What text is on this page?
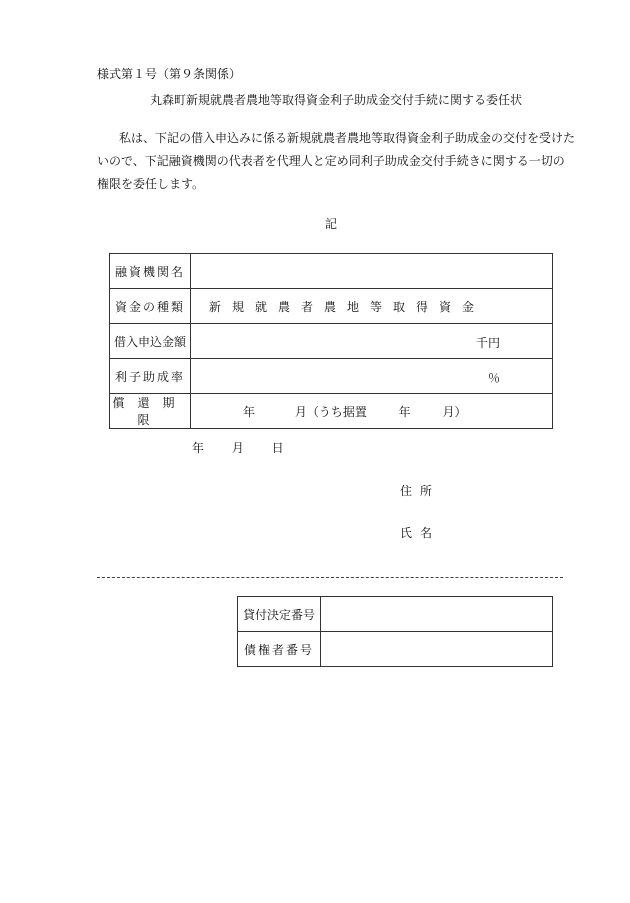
様式第１号（第９条関係）
丸森町新規就農者農地等取得資金利子助成金交付手続に関する委任状
私は、下記の借入申込みに係る新規就農者農地等取得資金利子助成金の交付を受けた
いので、下記融資機関の代表者を代理人と定め同利子助成金交付手続きに関する一切の
権限を委任します。
記
融資機関名	
資金の種類	新規就農者農地等取得資金
借入申込金額	千円

利子助成率	％

償還期限	年 月（うち据置 年 月）
年 月 日
住所
氏名
貸付決定番号	
債権者番号	
